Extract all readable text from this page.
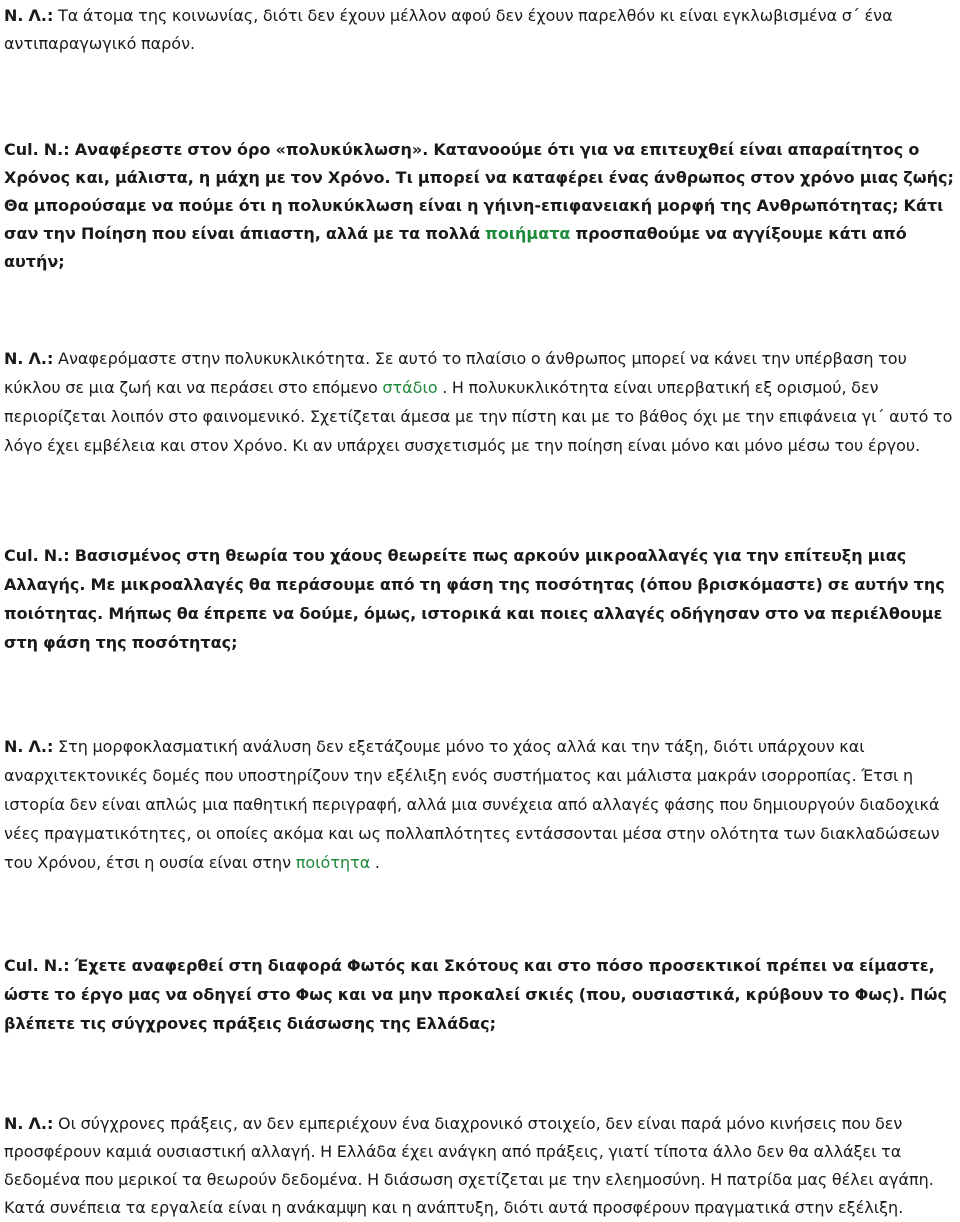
Ν. Λ.: Τα άτομα της κοινωνίας, διότι δεν έχουν μέλλον αφού δεν έχουν παρελθόν κι είναι εγκλωβισμένα σ΄ ένα αντιπαραγωγικό παρόν.

Cul. N.: Αναφέρεστε στον όρο «πολυκύκλωση». Κατανοούμε ότι για να επιτευχθεί είναι απαραίτητος ο Χρόνος και, μάλιστα, η μάχη με τον Χρόνο. Τι μπορεί να καταφέρει ένας άνθρωπος στον χρόνο μιας ζωής; Θα μπορούσαμε να πούμε ότι η πολυκύκλωση είναι η γήινη-επιφανειακή μορφή της Ανθρωπότητας; Κάτι σαν την Ποίηση που είναι άπιαστη, αλλά με τα πολλά ποιήματα προσπαθούμε να αγγίξουμε κάτι από αυτήν;

Ν. Λ.: Αναφερόμαστε στην πολυκυκλικότητα. Σε αυτό το πλαίσιο ο άνθρωπος μπορεί να κάνει την υπέρβαση του κύκλου σε μια ζωή και να περάσει στο επόμενο στάδιο . Η πολυκυκλικότητα είναι υπερβατική εξ ορισμού, δεν περιορίζεται λοιπόν στο φαινομενικό. Σχετίζεται άμεσα με την πίστη και με το βάθος όχι με την επιφάνεια γι΄ αυτό το λόγο έχει εμβέλεια και στον Χρόνο. Κι αν υπάρχει συσχετισμός με την ποίηση είναι μόνο και μόνο μέσω του έργου.

Cul. N.: Βασισμένος στη θεωρία του χάους θεωρείτε πως αρκούν μικροαλλαγές για την επίτευξη μιας Αλλαγής. Με μικροαλλαγές θα περάσουμε από τη φάση της ποσότητας (όπου βρισκόμαστε) σε αυτήν της ποιότητας. Μήπως θα έπρεπε να δούμε, όμως, ιστορικά και ποιες αλλαγές οδήγησαν στο να περιέλθουμε στη φάση της ποσότητας;

Ν. Λ.: Στη μορφοκλασματική ανάλυση δεν εξετάζουμε μόνο το χάος αλλά και την τάξη, διότι υπάρχουν και αναρχιτεκτονικές δομές που υποστηρίζουν την εξέλιξη ενός συστήματος και μάλιστα μακράν ισορροπίας. Έτσι η ιστορία δεν είναι απλώς μια παθητική περιγραφή, αλλά μια συνέχεια από αλλαγές φάσης που δημιουργούν διαδοχικά νέες πραγματικότητες, οι οποίες ακόμα και ως πολλαπλότητες εντάσσονται μέσα στην ολότητα των διακλαδώσεων του Χρόνου, έτσι η ουσία είναι στην ποιότητα .

Cul. N.: Έχετε αναφερθεί στη διαφορά Φωτός και Σκότους και στο πόσο προσεκτικοί πρέπει να είμαστε, ώστε το έργο μας να οδηγεί στο Φως και να μην προκαλεί σκιές (που, ουσιαστικά, κρύβουν το Φως). Πώς βλέπετε τις σύγχρονες πράξεις διάσωσης της Ελλάδας;

Ν. Λ.: Οι σύγχρονες πράξεις, αν δεν εμπεριέχουν ένα διαχρονικό στοιχείο, δεν είναι παρά μόνο κινήσεις που δεν προσφέρουν καμιά ουσιαστική αλλαγή. Η Ελλάδα έχει ανάγκη από πράξεις, γιατί τίποτα άλλο δεν θα αλλάξει τα δεδομένα που μερικοί τα θεωρούν δεδομένα. Η διάσωση σχετίζεται με την ελεημοσύνη. Η πατρίδα μας θέλει αγάπη. Κατά συνέπεια τα εργαλεία είναι η ανάκαμψη και η ανάπτυξη, διότι αυτά προσφέρουν πραγματικά στην εξέλιξη.
